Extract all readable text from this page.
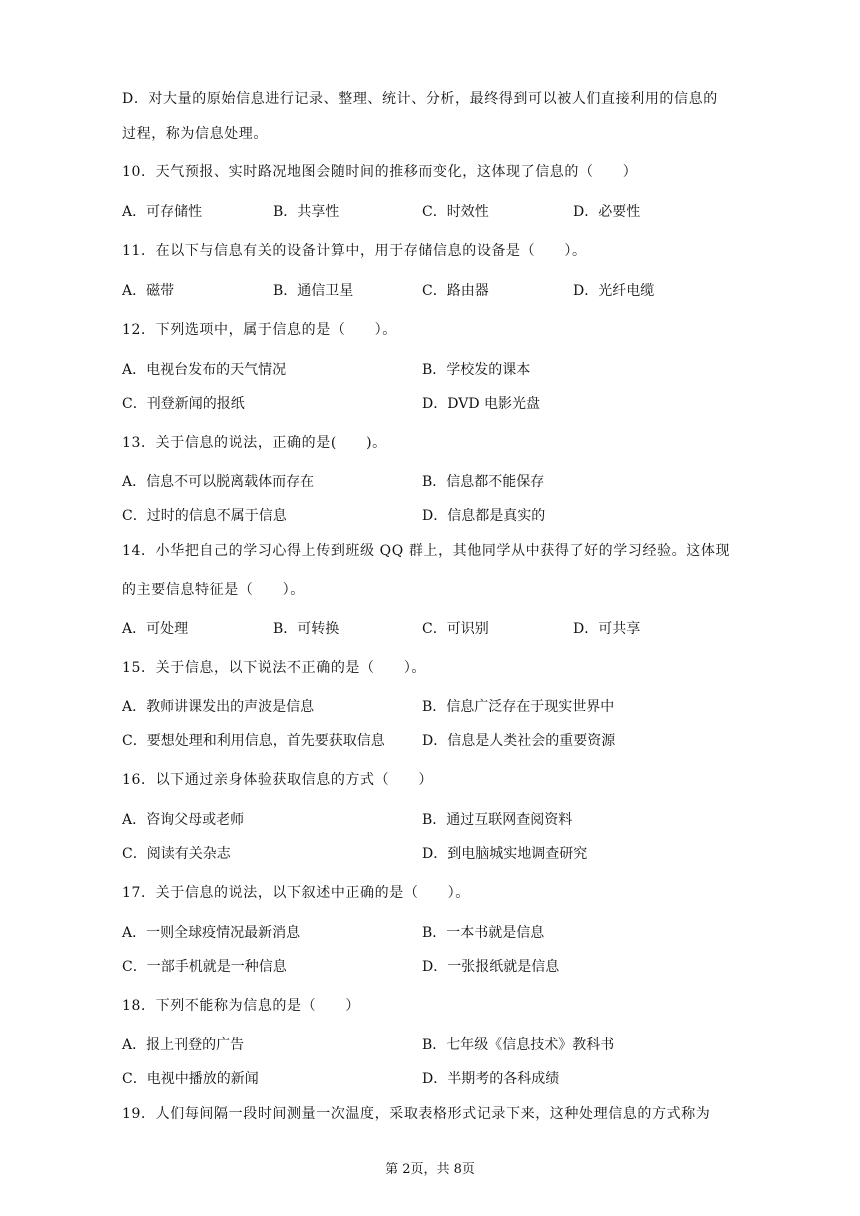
D．对大量的原始信息进行记录、整理、统计、分析，最终得到可以被人们直接利用的信息的
过程，称为信息处理。
10．天气预报、实时路况地图会随时间的推移而变化，这体现了信息的（　　）
A．可存储性	B．共享性	C．时效性	D．必要性
11．在以下与信息有关的设备计算中，用于存储信息的设备是（　　）。
A．磁带	B．通信卫星	C．路由器	D．光纤电缆
12．下列选项中，属于信息的是（　　）。
A．电视台发布的天气情况	B．学校发的课本
C．刊登新闻的报纸	D．DVD 电影光盘
13．关于信息的说法，正确的是(　　)。
A．信息不可以脱离载体而存在	B．信息都不能保存
C．过时的信息不属于信息	D．信息都是真实的
14．小华把自己的学习心得上传到班级 QQ 群上，其他同学从中获得了好的学习经验。这体现
的主要信息特征是（　　）。
A．可处理	B．可转换	C．可识别	D．可共享
15．关于信息，以下说法不正确的是（　　）。
A．教师讲课发出的声波是信息	B．信息广泛存在于现实世界中
C．要想处理和利用信息，首先要获取信息	D．信息是人类社会的重要资源
16．以下通过亲身体验获取信息的方式（　　）
A．咨询父母或老师	B．通过互联网查阅资料
C．阅读有关杂志	D．到电脑城实地调查研究
17．关于信息的说法，以下叙述中正确的是（　　）。
A．一则全球疫情况最新消息	B．一本书就是信息
C．一部手机就是一种信息	D．一张报纸就是信息
18．下列不能称为信息的是（　　）
A．报上刊登的广告	B．七年级《信息技术》教科书
C．电视中播放的新闻	D．半期考的各科成绩
19．人们每间隔一段时间测量一次温度，采取表格形式记录下来，这种处理信息的方式称为
第 2页，共 8页
